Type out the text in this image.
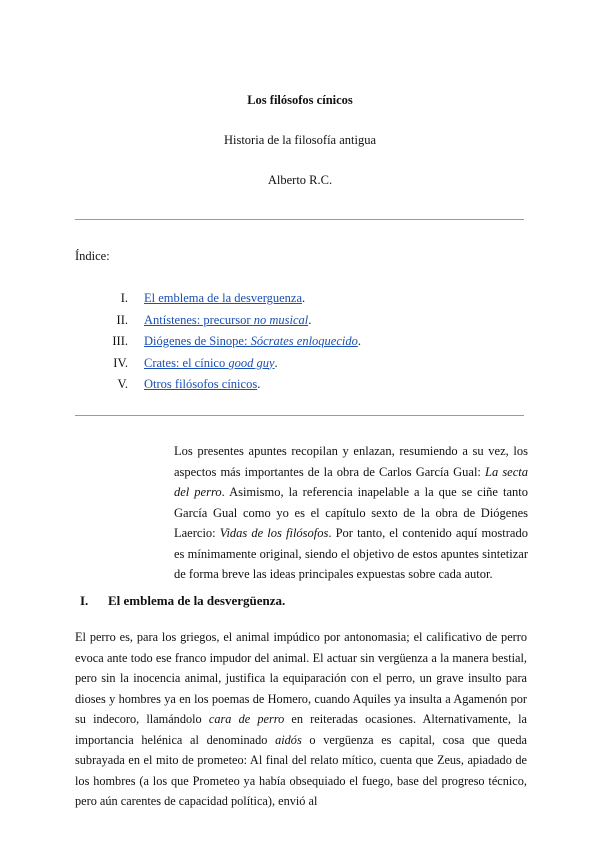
Los filósofos cínicos
Historia de la filosofía antigua
Alberto R.C.
Índice:
I. El emblema de la desverguenza.
II. Antístenes: precursor no musical.
III. Diógenes de Sinope: Sócrates enloquecido.
IV. Crates: el cínico good guy.
V. Otros filósofos cínicos.

Los presentes apuntes recopilan y enlazan, resumiendo a su vez, los aspectos más importantes de la obra de Carlos García Gual: La secta del perro. Asimismo, la referencia inapelable a la que se ciñe tanto García Gual como yo es el capítulo sexto de la obra de Diógenes Laercio: Vidas de los filósofos. Por tanto, el contenido aquí mostrado es mínimamente original, siendo el objetivo de estos apuntes sintetizar de forma breve las ideas principales expuestas sobre cada autor.

I. El emblema de la desvergüenza.

El perro es, para los griegos, el animal impúdico por antonomasia; el calificativo de perro evoca ante todo ese franco impudor del animal. El actuar sin vergüenza a la manera bestial, pero sin la inocencia animal, justifica la equiparación con el perro, un grave insulto para dioses y hombres ya en los poemas de Homero, cuando Aquiles ya insulta a Agamenón por su indecoro, llamándolo cara de perro en reiteradas ocasiones. Alternativamente, la importancia helénica al denominado aidós o vergüenza es capital, cosa que queda subrayada en el mito de prometeo: Al final del relato mítico, cuenta que Zeus, apiadado de los hombres (a los que Prometeo ya había obsequiado el fuego, base del progreso técnico, pero aún carentes de capacidad política), envió al
